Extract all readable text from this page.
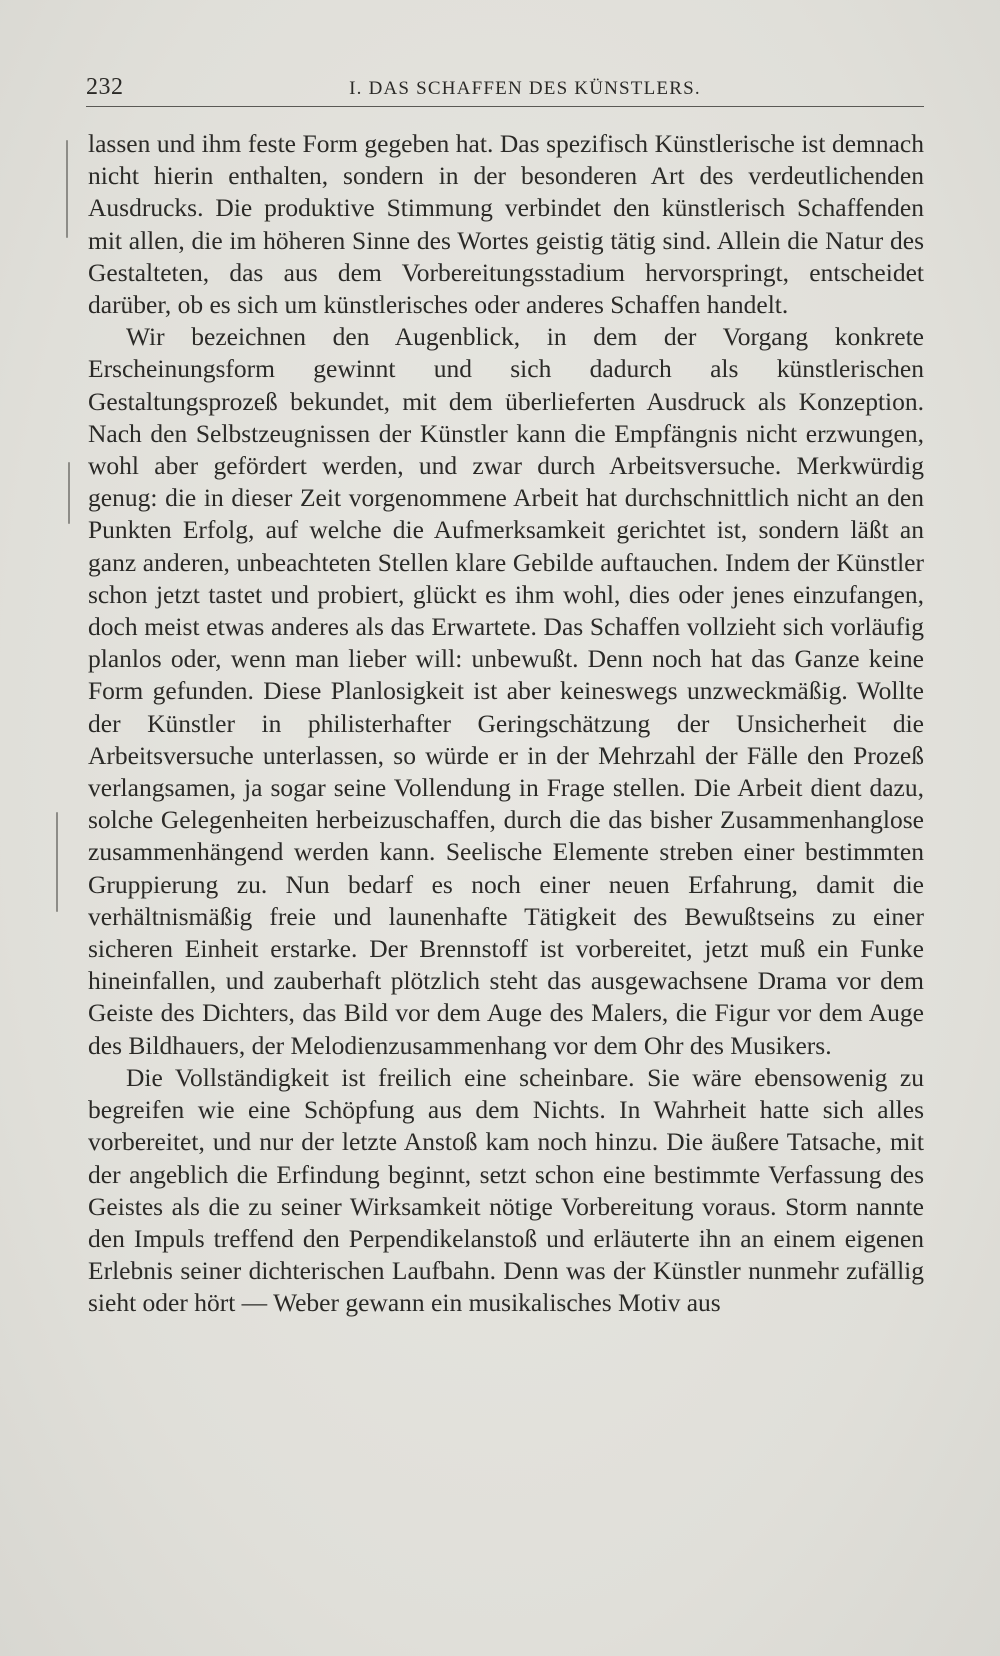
232	I. DAS SCHAFFEN DES KÜNSTLERS.

lassen und ihm feste Form gegeben hat. Das spezifisch Künstlerische ist demnach nicht hierin enthalten, sondern in der besonderen Art des verdeutlichenden Ausdrucks. Die produktive Stimmung verbindet den künstlerisch Schaffenden mit allen, die im höheren Sinne des Wortes geistig tätig sind. Allein die Natur des Gestalteten, das aus dem Vorbereitungsstadium hervorspringt, entscheidet darüber, ob es sich um künstlerisches oder anderes Schaffen handelt.

Wir bezeichnen den Augenblick, in dem der Vorgang konkrete Erscheinungsform gewinnt und sich dadurch als künstlerischen Gestaltungsprozeß bekundet, mit dem überlieferten Ausdruck als Konzeption. Nach den Selbstzeugnissen der Künstler kann die Empfängnis nicht erzwungen, wohl aber gefördert werden, und zwar durch Arbeitsversuche. Merkwürdig genug: die in dieser Zeit vorgenommene Arbeit hat durchschnittlich nicht an den Punkten Erfolg, auf welche die Aufmerksamkeit gerichtet ist, sondern läßt an ganz anderen, unbeachteten Stellen klare Gebilde auftauchen. Indem der Künstler schon jetzt tastet und probiert, glückt es ihm wohl, dies oder jenes einzufangen, doch meist etwas anderes als das Erwartete. Das Schaffen vollzieht sich vorläufig planlos oder, wenn man lieber will: unbewußt. Denn noch hat das Ganze keine Form gefunden. Diese Planlosigkeit ist aber keineswegs unzweckmäßig. Wollte der Künstler in philisterhafter Geringschätzung der Unsicherheit die Arbeitsversuche unterlassen, so würde er in der Mehrzahl der Fälle den Prozeß verlangsamen, ja sogar seine Vollendung in Frage stellen. Die Arbeit dient dazu, solche Gelegenheiten herbeizuschaffen, durch die das bisher Zusammenhanglose zusammenhängend werden kann. Seelische Elemente streben einer bestimmten Gruppierung zu. Nun bedarf es noch einer neuen Erfahrung, damit die verhältnismäßig freie und launenhafte Tätigkeit des Bewußtseins zu einer sicheren Einheit erstarke. Der Brennstoff ist vorbereitet, jetzt muß ein Funke hineinfallen, und zauberhaft plötzlich steht das ausgewachsene Drama vor dem Geiste des Dichters, das Bild vor dem Auge des Malers, die Figur vor dem Auge des Bildhauers, der Melodienzusammenhang vor dem Ohr des Musikers.

Die Vollständigkeit ist freilich eine scheinbare. Sie wäre ebensowenig zu begreifen wie eine Schöpfung aus dem Nichts. In Wahrheit hatte sich alles vorbereitet, und nur der letzte Anstoß kam noch hinzu. Die äußere Tatsache, mit der angeblich die Erfindung beginnt, setzt schon eine bestimmte Verfassung des Geistes als die zu seiner Wirksamkeit nötige Vorbereitung voraus. Storm nannte den Impuls treffend den Perpendikelanstoß und erläuterte ihn an einem eigenen Erlebnis seiner dichterischen Laufbahn. Denn was der Künstler nunmehr zufällig sieht oder hört — Weber gewann ein musikalisches Motiv aus
